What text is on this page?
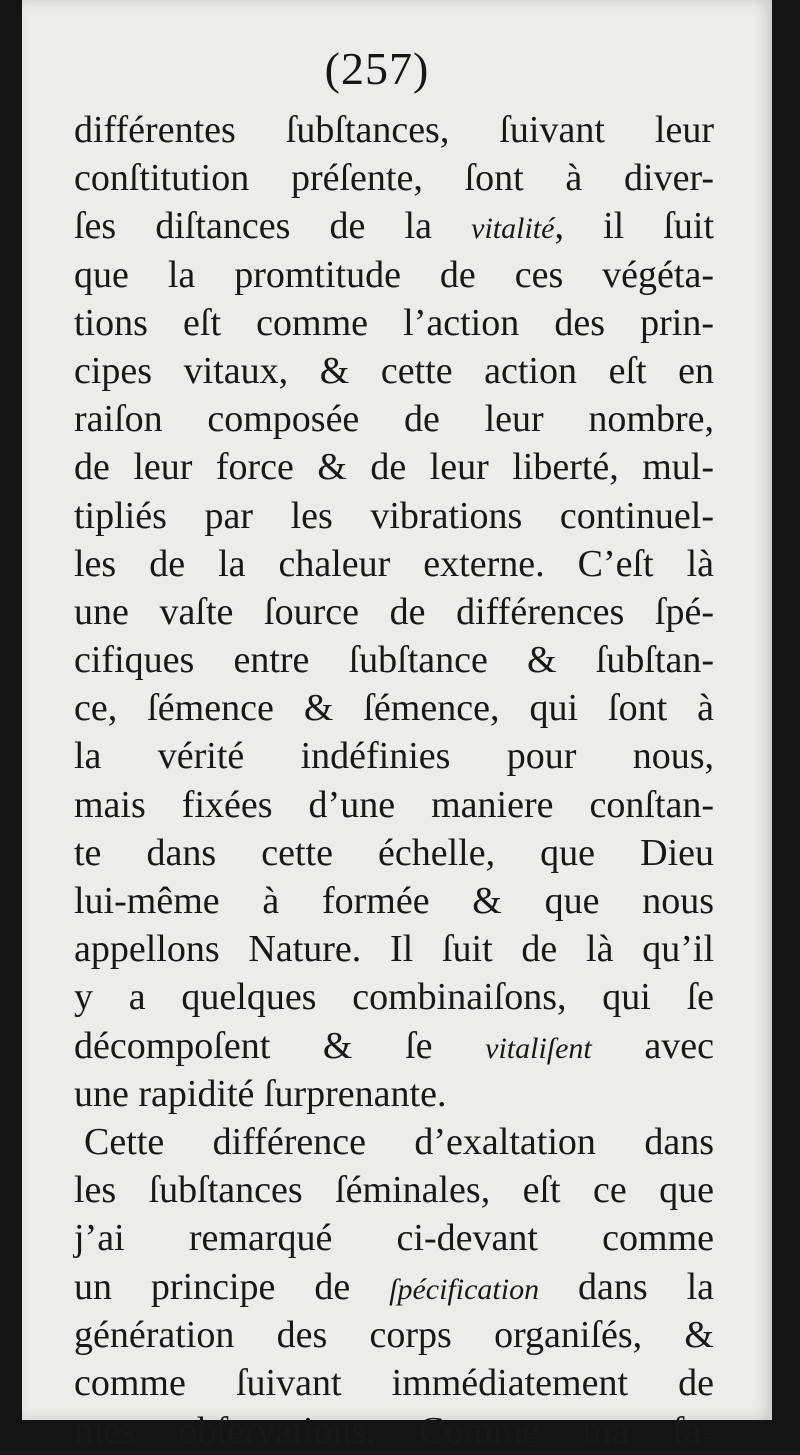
(257)
différentes ſubſtances, ſuivant leur
conſtitution préſente, ſont à diver-
ſes diſtances de la vitalité, il ſuit
que la promtitude de ces végéta-
tions eſt comme l’action des prin-
cipes vitaux, & cette action eſt en
raiſon composée de leur nombre,
de leur force & de leur liberté, mul-
tipliés par les vibrations continuel-
les de la chaleur externe. C’eſt là
une vaſte ſource de différences ſpé-
cifiques entre ſubſtance & ſubſtan-
ce, ſémence & ſémence, qui ſont à
la vérité indéfinies pour nous,
mais fixées d’une maniere conſtan-
te dans cette échelle, que Dieu
lui-même à formée & que nous
appellons Nature. Il ſuit de là qu’il
y a quelques combinaiſons, qui ſe
décompoſent & ſe vitaliſent avec
une rapidité ſurprenante.
Cette différence d’exaltation dans
les ſubſtances ſéminales, eſt ce que
j’ai remarqué ci-devant comme
un principe de ſpécification dans la
génération des corps organiſés, &
comme ſuivant immédiatement de
mes obſervations. Comme ma fa-
